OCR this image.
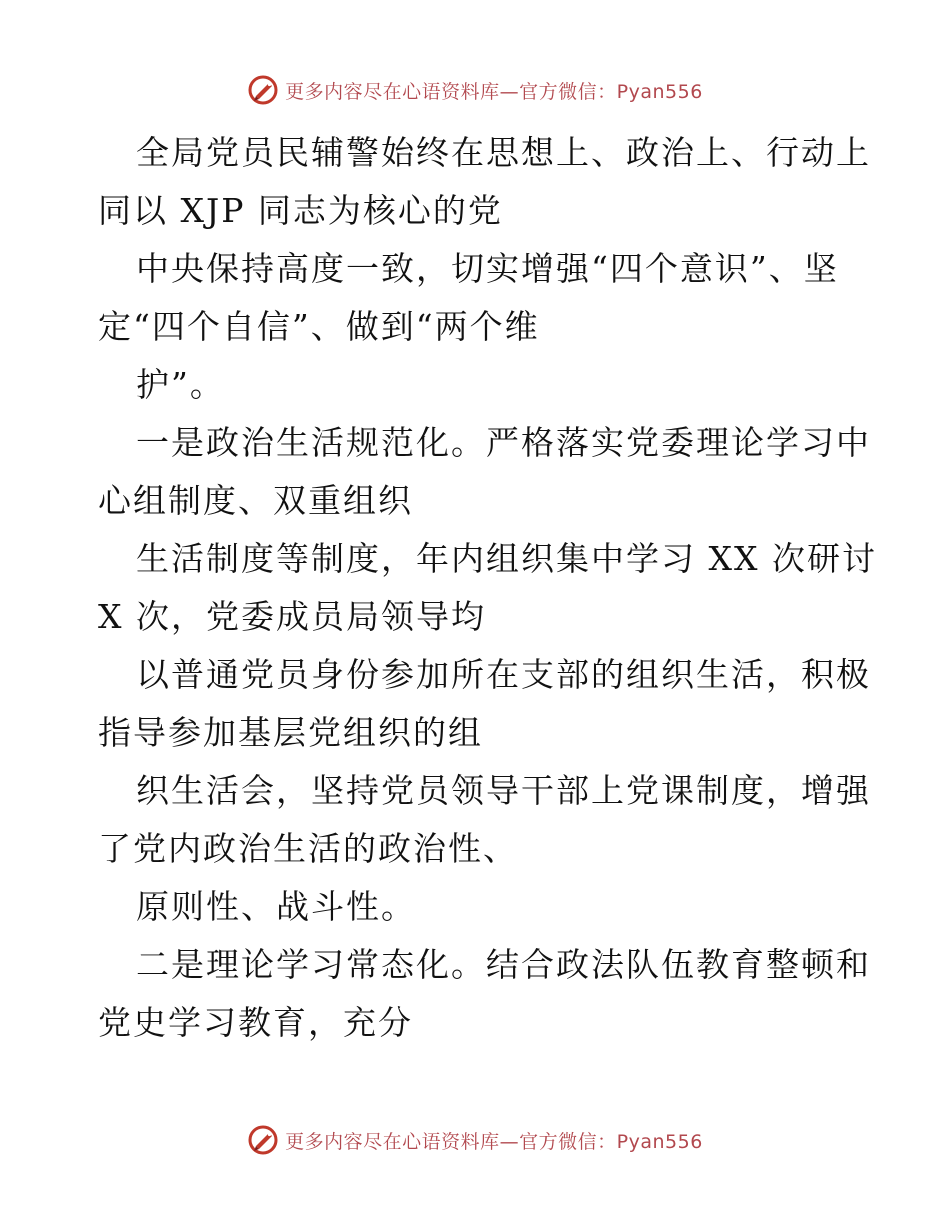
更多内容尽在心语资料库—官方微信：Pyan556
全局党员民辅警始终在思想上、政治上、行动上
同以 XJP 同志为核心的党
中央保持高度一致，切实增强“四个意识”、坚
定“四个自信”、做到“两个维
护”。
一是政治生活规范化。严格落实党委理论学习中
心组制度、双重组织
生活制度等制度，年内组织集中学习 XX 次研讨
X 次，党委成员局领导均
以普通党员身份参加所在支部的组织生活，积极
指导参加基层党组织的组
织生活会，坚持党员领导干部上党课制度，增强
了党内政治生活的政治性、
原则性、战斗性。
二是理论学习常态化。结合政法队伍教育整顿和
党史学习教育，充分
更多内容尽在心语资料库—官方微信：Pyan556
